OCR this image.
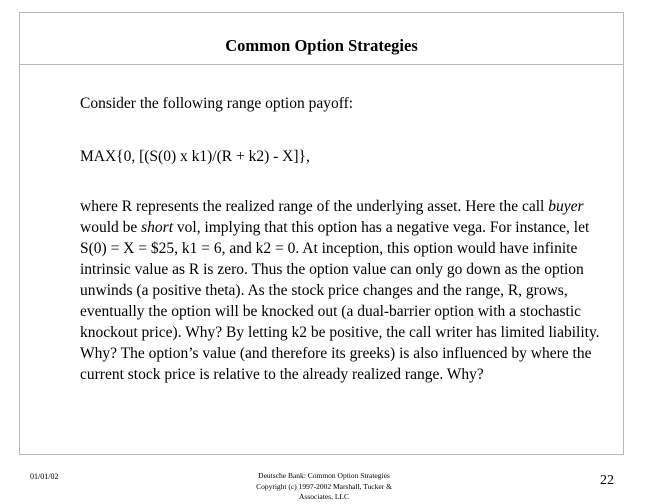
Common Option Strategies

Consider the following range option payoff:

MAX{0, [(S(0) x k1)/(R + k2) - X]},

where R represents the realized range of the underlying asset. Here the call buyer would be short vol, implying that this option has a negative vega. For instance, let S(0) = X = $25, k1 = 6, and k2 = 0. At inception, this option would have infinite intrinsic value as R is zero. Thus the option value can only go down as the option unwinds (a positive theta). As the stock price changes and the range, R, grows, eventually the option will be knocked out (a dual-barrier option with a stochastic knockout price). Why? By letting k2 be positive, the call writer has limited liability. Why? The option’s value (and therefore its greeks) is also influenced by where the current stock price is relative to the already realized range. Why?

01/01/02	Deutsche Bank: Common Option Strategies
Copyright (c) 1997-2002 Marshall, Tucker &
Associates, LLC

22
